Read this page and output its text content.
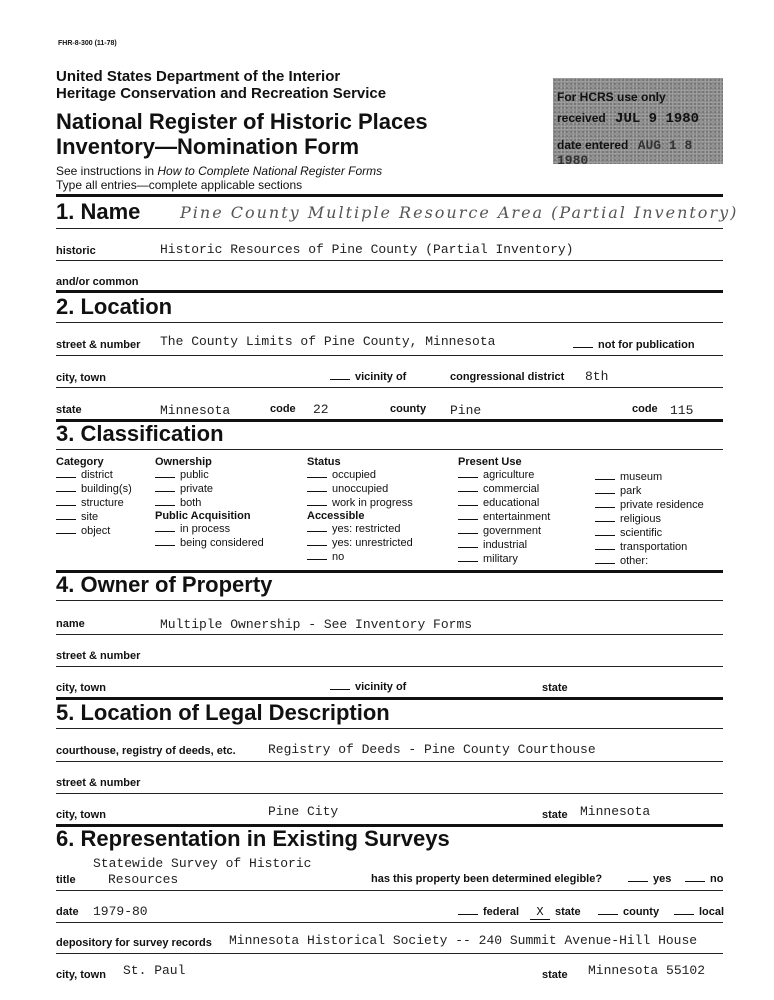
FHR-8-300 (11-78)
United States Department of the Interior
Heritage Conservation and Recreation Service
National Register of Historic Places
Inventory—Nomination Form
See instructions in How to Complete National Register Forms
Type all entries—complete applicable sections
For HCRS use only
received JUL 9 1980
date entered AUG 1 8 1980
1. Name Pine County Multiple Resource Area (Partial Inventory)
historic	Historic Resources of Pine County (Partial Inventory)
and/or common
2. Location
street & number The County Limits of Pine County, Minnesota	not for publication
city, town	vicinity of	congressional district 8th
state	Minnesota	code 22	county Pine	code 115
3. Classification
Category
district
building(s)
structure
site
object
Ownership
public
private
both
Public Acquisition
in process
being considered
Status
occupied
unoccupied
work in progress
Accessible
yes: restricted
yes: unrestricted
no
Present Use
agriculture
commercial
educational
entertainment
government
industrial
military
museum
park
private residence
religious
scientific
transportation
other:
4. Owner of Property
name	Multiple Ownership - See Inventory Forms
street & number
city, town	vicinity of	state
5. Location of Legal Description
courthouse, registry of deeds, etc. Registry of Deeds - Pine County Courthouse
street & number
city, town	Pine City	state Minnesota
6. Representation in Existing Surveys
Statewide Survey of Historic
title Resources	has this property been determined elegible?	yes	no
date 1979-80	federal	X state	county	local
depository for survey records Minnesota Historical Society -- 240 Summit Avenue-Hill House
city, town St. Paul	state Minnesota 55102
